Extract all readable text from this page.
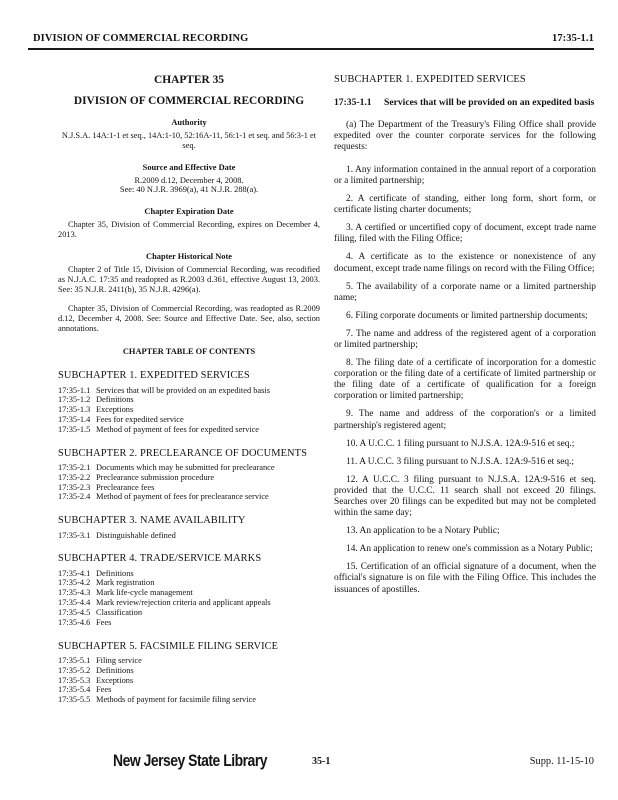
DIVISION OF COMMERCIAL RECORDING	17:35-1.1
CHAPTER 35
DIVISION OF COMMERCIAL RECORDING
Authority
N.J.S.A. 14A:1-1 et seq., 14A:1-10, 52:16A-11, 56:1-1 et seq. and 56:3-1 et seq.
Source and Effective Date

R.2009 d.12, December 4, 2008.

See: 40 N.J.R. 3969(a), 41 N.J.R. 288(a).

Chapter Expiration Date
Chapter 35, Division of Commercial Recording, expires on December 4, 2013.
Chapter Historical Note
Chapter 2 of Title 15, Division of Commercial Recording, was recodified as N.J.A.C. 17:35 and readopted as R.2003 d.361, effective August 13, 2003. See: 35 N.J.R. 2411(b), 35 N.J.R. 4296(a).
Chapter 35, Division of Commercial Recording, was readopted as R.2009 d.12, December 4, 2008. See: Source and Effective Date. See, also, section annotations.
CHAPTER TABLE OF CONTENTS
SUBCHAPTER 1. EXPEDITED SERVICES
17:35-1.1 Services that will be provided on an expedited basis
17:35-1.2 Definitions
17:35-1.3 Exceptions
17:35-1.4 Fees for expedited service
17:35-1.5 Method of payment of fees for expedited service
SUBCHAPTER 2. PRECLEARANCE OF DOCUMENTS
17:35-2.1 Documents which may be submitted for preclearance
17:35-2.2 Preclearance submission procedure
17:35-2.3 Preclearance fees
17:35-2.4 Method of payment of fees for preclearance service
SUBCHAPTER 3. NAME AVAILABILITY
17:35-3.1 Distinguishable defined
SUBCHAPTER 4. TRADE/SERVICE MARKS
17:35-4.1 Definitions
17:35-4.2 Mark registration
17:35-4.3 Mark life-cycle management
17:35-4.4 Mark review/rejection criteria and applicant appeals
17:35-4.5 Classification
17:35-4.6 Fees
SUBCHAPTER 5. FACSIMILE FILING SERVICE
17:35-5.1 Filing service
17:35-5.2 Definitions
17:35-5.3 Exceptions
17:35-5.4 Fees
17:35-5.5 Methods of payment for facsimile filing service
SUBCHAPTER 1. EXPEDITED SERVICES
17:35-1.1	Services that will be provided on an expedited basis

(a) The Department of the Treasury's Filing Office shall provide expedited over the counter corporate services for the following requests:

1. Any information contained in the annual report of a corporation or a limited partnership;

2. A certificate of standing, either long form, short form, or certificate listing charter documents;

3. A certified or uncertified copy of document, except trade name filing, filed with the Filing Office;

4. A certificate as to the existence or nonexistence of any document, except trade name filings on record with the Filing Office;

5. The availability of a corporate name or a limited partnership name;

6. Filing corporate documents or limited partnership documents;

7. The name and address of the registered agent of a corporation or limited partnership;

8. The filing date of a certificate of incorporation for a domestic corporation or the filing date of a certificate of limited partnership or the filing date of a certificate of qualification for a foreign corporation or limited partnership;

9. The name and address of the corporation's or a limited partnership's registered agent;

10. A U.C.C. 1 filing pursuant to N.J.S.A. 12A:9-516 et seq.;

11. A U.C.C. 3 filing pursuant to N.J.S.A. 12A:9-516 et seq.;

12. A U.C.C. 3 filing pursuant to N.J.S.A. 12A:9-516 et seq. provided that the U.C.C. 11 search shall not exceed 20 filings. Searches over 20 filings can be expedited but may not be completed within the same day;

13. An application to be a Notary Public;

14. An application to renew one's commission as a Notary Public;

15. Certification of an official signature of a document, when the official's signature is on file with the Filing Office. This includes the issuances of apostilles.

New Jersey State Library	35-1	Supp. 11-15-10
